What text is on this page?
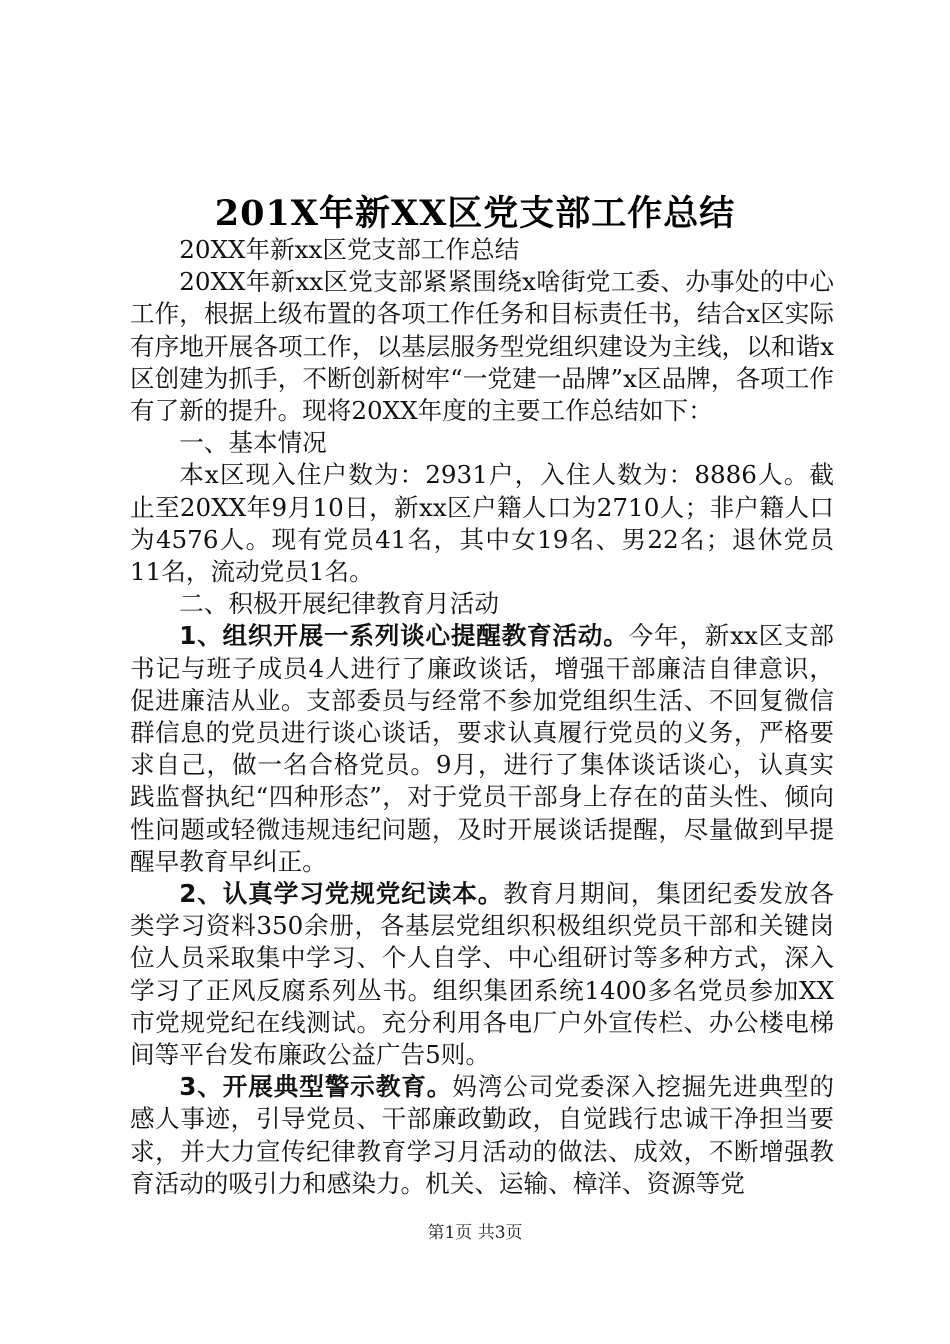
201X年新XX区党支部工作总结

20XX年新xx区党支部工作总结

20XX年新xx区党支部紧紧围绕x啥街党工委、办事处的中心工作，根据上级布置的各项工作任务和目标责任书，结合x区实际有序地开展各项工作，以基层服务型党组织建设为主线，以和谐x区创建为抓手，不断创新树牢“一党建一品牌”x区品牌，各项工作有了新的提升。现将20XX年度的主要工作总结如下：

一、基本情况

本x区现入住户数为：2931户，入住人数为：8886人。截止至20XX年9月10日，新xx区户籍人口为2710人；非户籍人口为4576人。现有党员41名，其中女19名、男22名；退休党员11名，流动党员1名。

二、积极开展纪律教育月活动

1、组织开展一系列谈心提醒教育活动。今年，新xx区支部书记与班子成员4人进行了廉政谈话，增强干部廉洁自律意识，促进廉洁从业。支部委员与经常不参加党组织生活、不回复微信群信息的党员进行谈心谈话，要求认真履行党员的义务，严格要求自己，做一名合格党员。9月，进行了集体谈话谈心，认真实践监督执纪“四种形态”，对于党员干部身上存在的苗头性、倾向性问题或轻微违规违纪问题，及时开展谈话提醒，尽量做到早提醒早教育早纠正。

2、认真学习党规党纪读本。教育月期间，集团纪委发放各类学习资料350余册，各基层党组织积极组织党员干部和关键岗位人员采取集中学习、个人自学、中心组研讨等多种方式，深入学习了正风反腐系列丛书。组织集团系统1400多名党员参加XX市党规党纪在线测试。充分利用各电厂户外宣传栏、办公楼电梯间等平台发布廉政公益广告5则。

3、开展典型警示教育。妈湾公司党委深入挖掘先进典型的感人事迹，引导党员、干部廉政勤政，自觉践行忠诚干净担当要求，并大力宣传纪律教育学习月活动的做法、成效，不断增强教育活动的吸引力和感染力。机关、运输、樟洋、资源等党

第1页 共3页
